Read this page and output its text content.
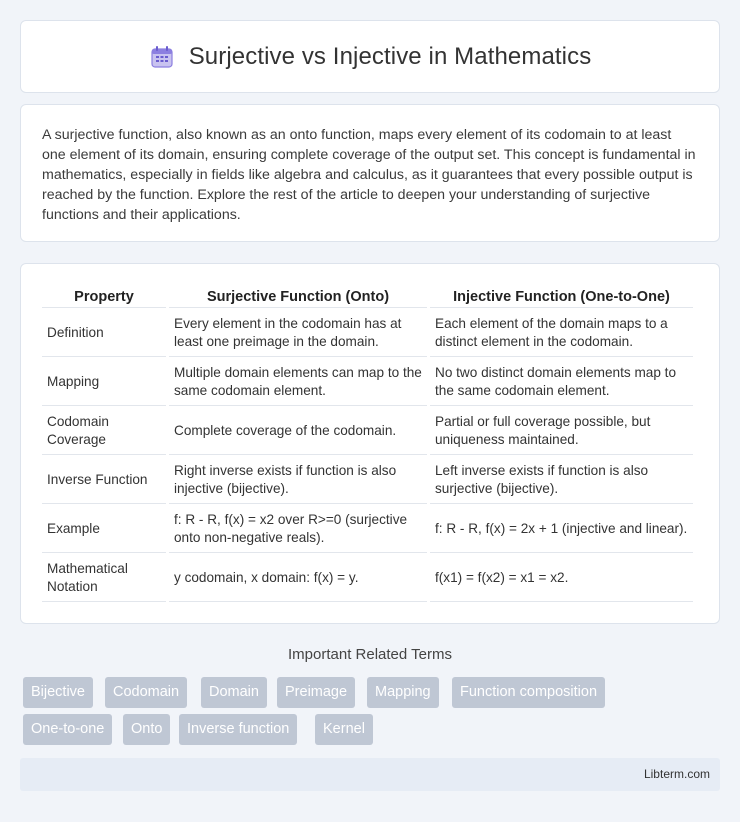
Surjective vs Injective in Mathematics

A surjective function, also known as an onto function, maps every element of its codomain to at least one element of its domain, ensuring complete coverage of the output set. This concept is fundamental in mathematics, especially in fields like algebra and calculus, as it guarantees that every possible output is reached by the function. Explore the rest of the article to deepen your understanding of surjective functions and their applications.

Property	Surjective Function (Onto)	Injective Function (One-to-One)
Definition	Every element in the codomain has at least one preimage in the domain.	Each element of the domain maps to a distinct element in the codomain.
Mapping	Multiple domain elements can map to the same codomain element.	No two distinct domain elements map to the same codomain element.
Codomain Coverage	Complete coverage of the codomain.	Partial or full coverage possible, but uniqueness maintained.
Inverse Function	Right inverse exists if function is also injective (bijective).	Left inverse exists if function is also surjective (bijective).
Example	f: R - R, f(x) = x2 over R>=0 (surjective onto non-negative reals).	f: R - R, f(x) = 2x + 1 (injective and linear).
Mathematical Notation	y codomain, x domain: f(x) = y.	f(x1) = f(x2) = x1 = x2.
Important Related Terms
Bijective	Codomain	Domain	Preimage	Mapping	Function composition
One-to-one	Onto	Inverse function	Kernel
Libterm.com
